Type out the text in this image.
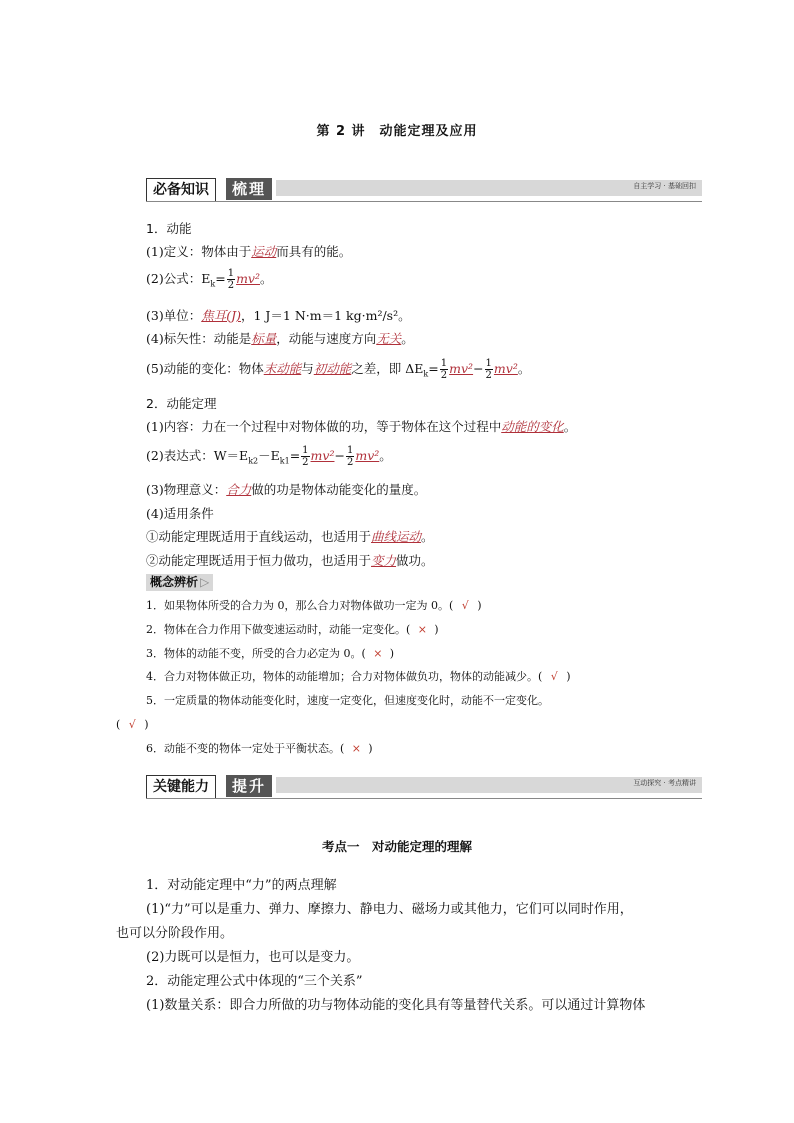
第 2 讲 动能定理及应用
必备知识	梳理	自主学习 · 基础回扣
1．动能
(1)定义：物体由于运动而具有的能。
(2)公式：$E_k= \frac{1}{2} mv^2$。
(3)单位：焦耳(J)，1 J＝1 N·m＝1 kg·m²/s²。
(4)标矢性：动能是标量，动能与速度方向无关。
(5)动能的变化：物体末动能与初动能之差，即 $\Delta E_k= \frac{1}{2} mv^2- \frac{1}{2} mv^2$。
2．动能定理
(1)内容：力在一个过程中对物体做的功，等于物体在这个过程中动能的变化。
(2)表达式：$W=E_{k2}-E_{k1}= \frac{1}{2} mv^2- \frac{1}{2} mv^2$。
(3)物理意义：合力做的功是物体动能变化的量度。
(4)适用条件
①动能定理既适用于直线运动，也适用于曲线运动。
②动能定理既适用于恒力做功，也适用于变力做功。
概念辨析 ▷
1．如果物体所受的合力为 0，那么合力对物体做功一定为 0。( √ )
2．物体在合力作用下做变速运动时，动能一定变化。( × )
3．物体的动能不变，所受的合力必定为 0。( × )
4．合力对物体做正功，物体的动能增加；合力对物体做负功，物体的动能减少。( √ )
5．一定质量的物体动能变化时，速度一定变化，但速度变化时，动能不一定变化。
( √ )
6．动能不变的物体一定处于平衡状态。( × )
关键能力	提升	互动探究 · 考点精讲
考点一　对动能定理的理解
1．对动能定理中“力”的两点理解
(1)“力”可以是重力、弹力、摩擦力、静电力、磁场力或其他力，它们可以同时作用，
也可以分阶段作用。
(2)力既可以是恒力，也可以是变力。
2．动能定理公式中体现的“三个关系”
(1)数量关系：即合力所做的功与物体动能的变化具有等量替代关系。可以通过计算物体
